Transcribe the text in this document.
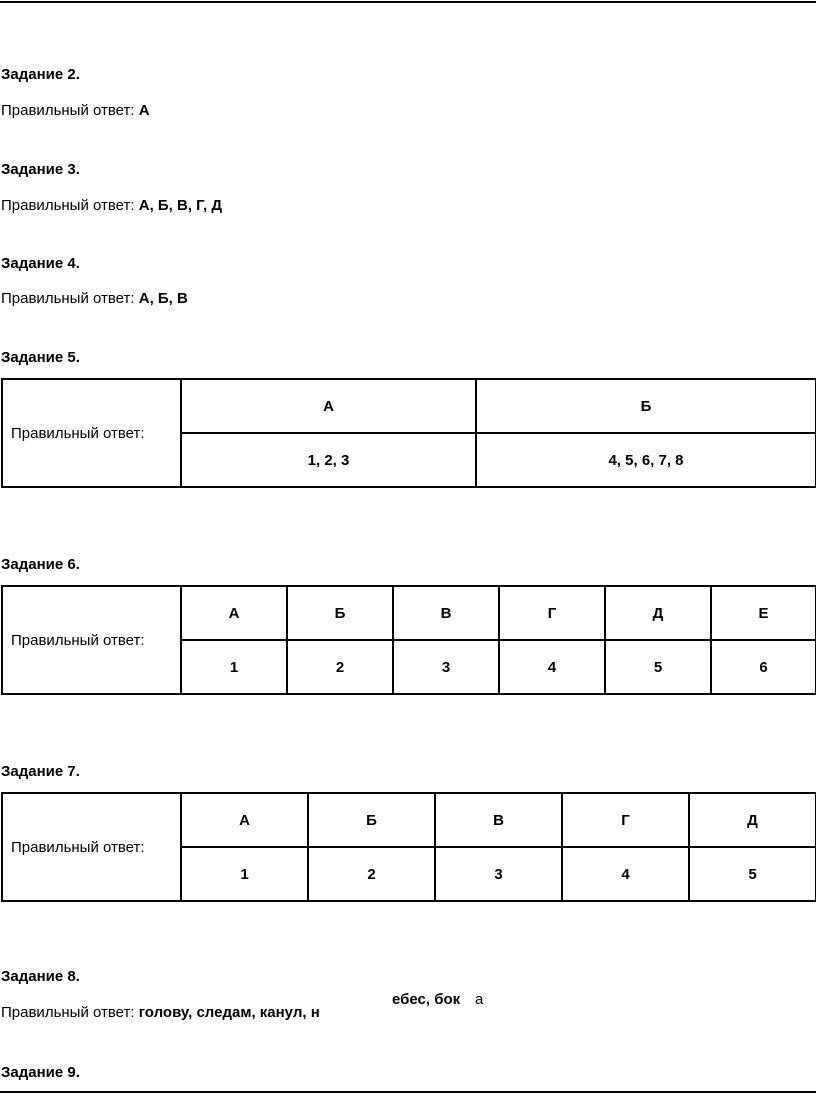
Задание 2.
Правильный ответ: А
Задание 3.
Правильный ответ: А, Б, В, Г, Д
Задание 4.
Правильный ответ: А, Б, В
Задание 5.
Правильный ответ:	А	Б
	1, 2, 3	4, 5, 6, 7, 8
Задание 6.
Правильный ответ:	А	Б	В	Г	Д	Е
	1	2	3	4	5	6
Задание 7.
Правильный ответ:	А	Б	В	Г	Д
	1	2	3	4	5
Задание 8.
Правильный ответ: голову, следам, канул, н
ебес, бок а
Задание 9.
